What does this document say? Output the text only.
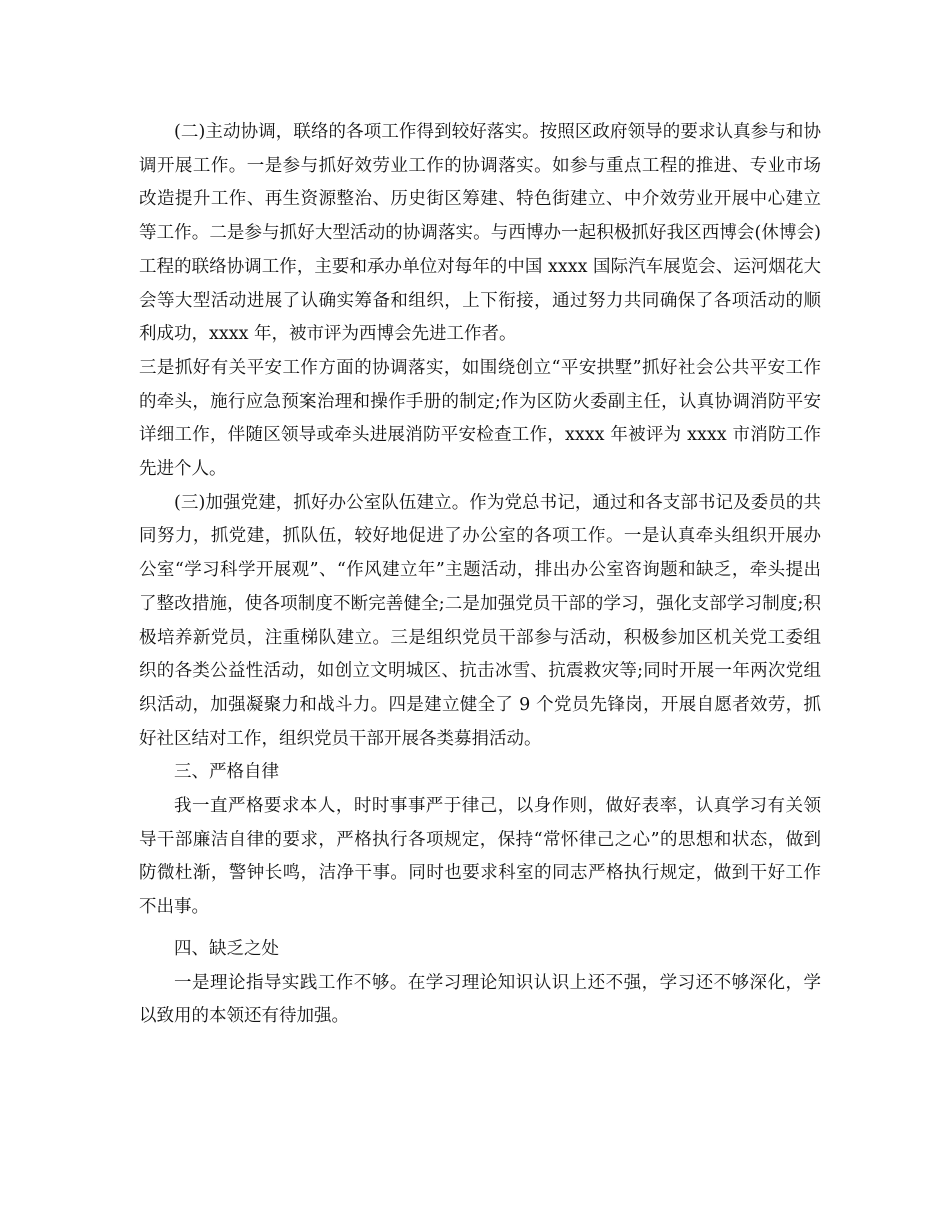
(二)主动协调，联络的各项工作得到较好落实。按照区政府领导的要求认真参与和协调开展工作。一是参与抓好效劳业工作的协调落实。如参与重点工程的推进、专业市场改造提升工作、再生资源整治、历史街区筹建、特色街建立、中介效劳业开展中心建立等工作。二是参与抓好大型活动的协调落实。与西博办一起积极抓好我区西博会(休博会)工程的联络协调工作，主要和承办单位对每年的中国 xxxx 国际汽车展览会、运河烟花大会等大型活动进展了认确实筹备和组织，上下衔接，通过努力共同确保了各项活动的顺利成功，xxxx 年，被市评为西博会先进工作者。

三是抓好有关平安工作方面的协调落实，如围绕创立“平安拱墅”抓好社会公共平安工作的牵头，施行应急预案治理和操作手册的制定;作为区防火委副主任，认真协调消防平安详细工作，伴随区领导或牵头进展消防平安检查工作，xxxx 年被评为 xxxx 市消防工作先进个人。

(三)加强党建，抓好办公室队伍建立。作为党总书记，通过和各支部书记及委员的共同努力，抓党建，抓队伍，较好地促进了办公室的各项工作。一是认真牵头组织开展办公室“学习科学开展观”、“作风建立年”主题活动，排出办公室咨询题和缺乏，牵头提出了整改措施，使各项制度不断完善健全;二是加强党员干部的学习，强化支部学习制度;积极培养新党员，注重梯队建立。三是组织党员干部参与活动，积极参加区机关党工委组织的各类公益性活动，如创立文明城区、抗击冰雪、抗震救灾等;同时开展一年两次党组织活动，加强凝聚力和战斗力。四是建立健全了 9 个党员先锋岗，开展自愿者效劳，抓好社区结对工作，组织党员干部开展各类募捐活动。

三、严格自律

我一直严格要求本人，时时事事严于律己，以身作则，做好表率，认真学习有关领导干部廉洁自律的要求，严格执行各项规定，保持“常怀律己之心”的思想和状态，做到防微杜渐，警钟长鸣，洁净干事。同时也要求科室的同志严格执行规定，做到干好工作不出事。

四、缺乏之处

一是理论指导实践工作不够。在学习理论知识认识上还不强，学习还不够深化，学以致用的本领还有待加强。
